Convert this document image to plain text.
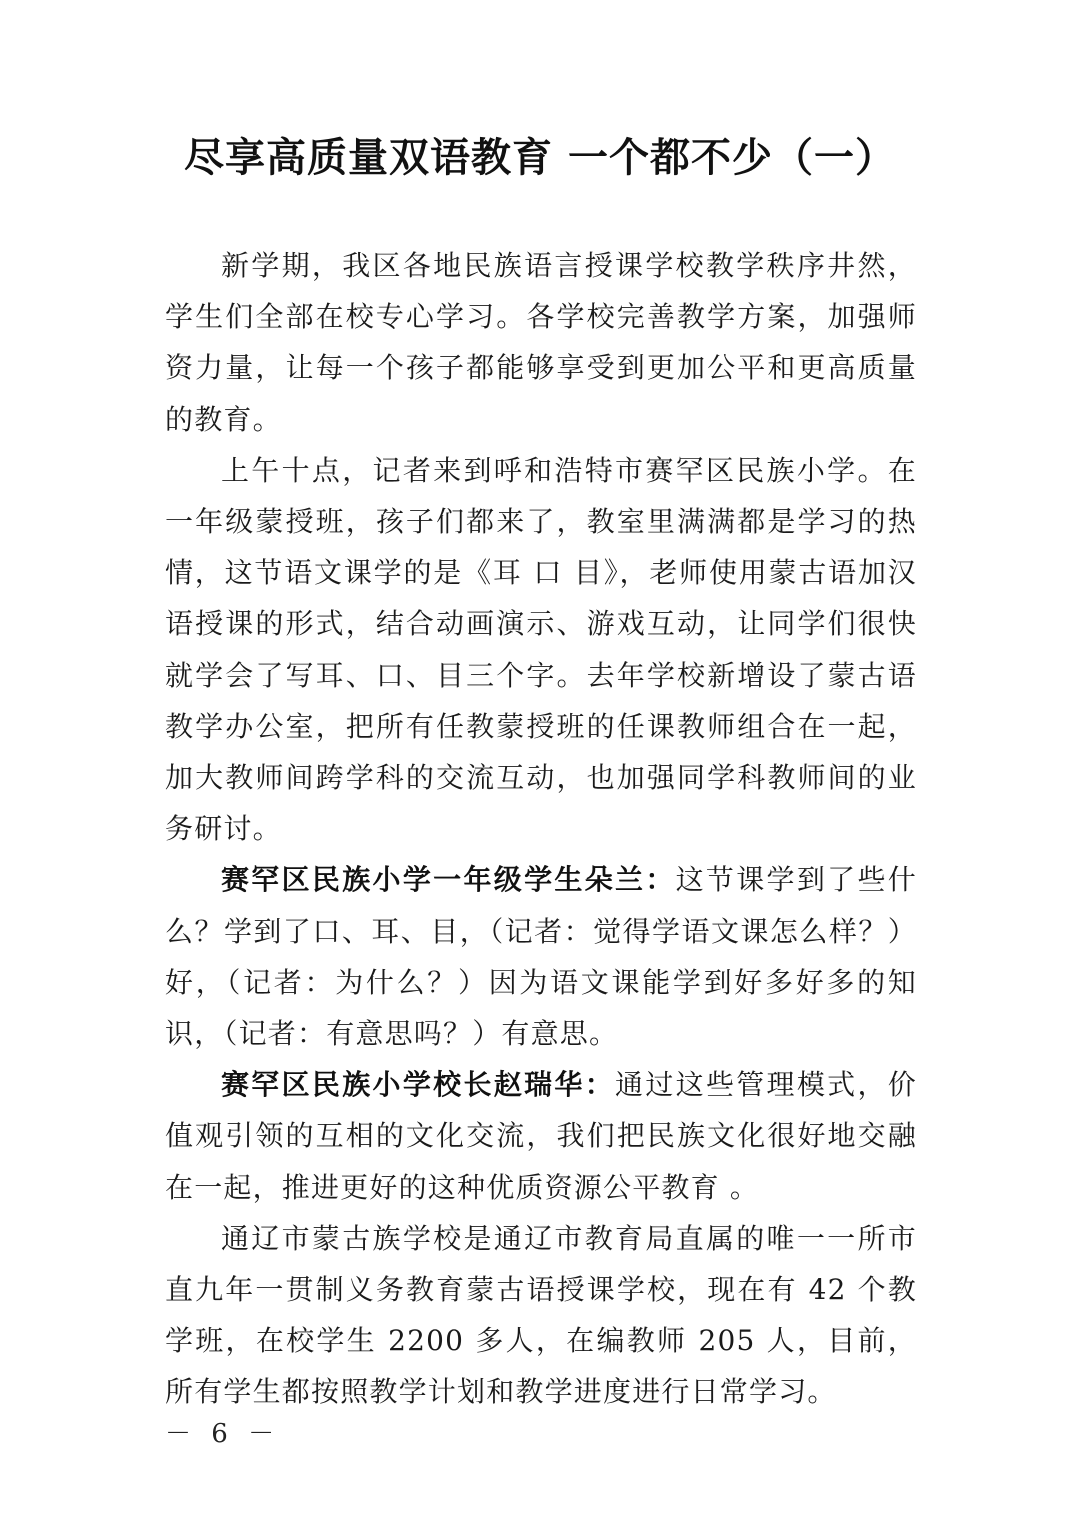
尽享高质量双语教育 一个都不少（一）

新学期，我区各地民族语言授课学校教学秩序井然，学生们全部在校专心学习。各学校完善教学方案，加强师资力量，让每一个孩子都能够享受到更加公平和更高质量的教育。

上午十点，记者来到呼和浩特市赛罕区民族小学。在一年级蒙授班，孩子们都来了，教室里满满都是学习的热情，这节语文课学的是《耳 口 目》，老师使用蒙古语加汉语授课的形式，结合动画演示、游戏互动，让同学们很快就学会了写耳、口、目三个字。去年学校新增设了蒙古语教学办公室，把所有任教蒙授班的任课教师组合在一起，加大教师间跨学科的交流互动，也加强同学科教师间的业务研讨。

赛罕区民族小学一年级学生朵兰：这节课学到了些什么？学到了口、耳、目，（记者：觉得学语文课怎么样？）好，（记者：为什么？）因为语文课能学到好多好多的知识，（记者：有意思吗？）有意思。

赛罕区民族小学校长赵瑞华：通过这些管理模式，价值观引领的互相的文化交流，我们把民族文化很好地交融在一起，推进更好的这种优质资源公平教育 。

通辽市蒙古族学校是通辽市教育局直属的唯一一所市直九年一贯制义务教育蒙古语授课学校，现在有 42 个教学班，在校学生 2200 多人，在编教师 205 人，目前，所有学生都按照教学计划和教学进度进行日常学习。

－ 6 －
